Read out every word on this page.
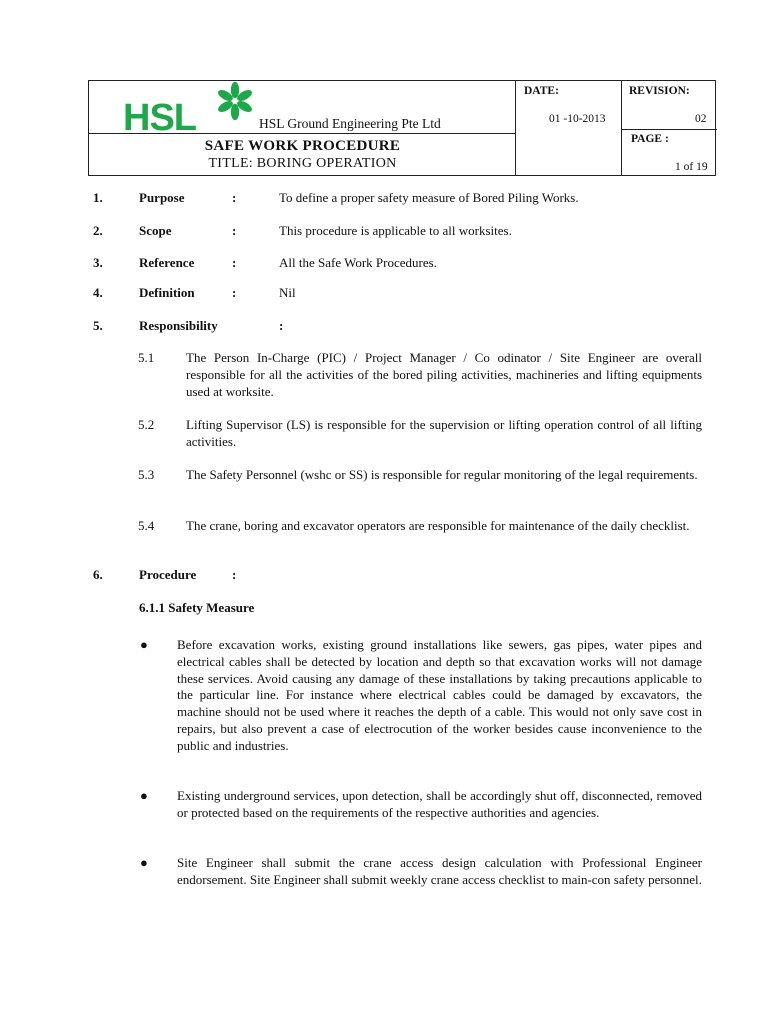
HSL	HSL Ground Engineering Pte Ltd
SAFE WORK PROCEDURE
TITLE: BORING OPERATION
DATE:
01 -10-2013
REVISION:
02
PAGE :
1 of 19
1.	Purpose	:	To define a proper safety measure of Bored Piling Works.
2.	Scope	:	This procedure is applicable to all worksites.
3.	Reference	:	All the Safe Work Procedures.
4.	Definition	:	Nil
5.	Responsibility	:
5.1 The Person In-Charge (PIC) / Project Manager / Co odinator / Site Engineer are overall responsible for all the activities of the bored piling activities, machineries and lifting equipments used at worksite.
5.2 Lifting Supervisor (LS) is responsible for the supervision or lifting operation control of all lifting activities.
5.3 The Safety Personnel (wshc or SS) is responsible for regular monitoring of the legal requirements.
5.4 The crane, boring and excavator operators are responsible for maintenance of the daily checklist.
6.	Procedure	:
6.1.1 Safety Measure
● Before excavation works, existing ground installations like sewers, gas pipes, water pipes and electrical cables shall be detected by location and depth so that excavation works will not damage these services. Avoid causing any damage of these installations by taking precautions applicable to the particular line. For instance where electrical cables could be damaged by excavators, the machine should not be used where it reaches the depth of a cable. This would not only save cost in repairs, but also prevent a case of electrocution of the worker besides cause inconvenience to the public and industries.
● Existing underground services, upon detection, shall be accordingly shut off, disconnected, removed or protected based on the requirements of the respective authorities and agencies.
● Site Engineer shall submit the crane access design calculation with Professional Engineer endorsement. Site Engineer shall submit weekly crane access checklist to main-con safety personnel.
